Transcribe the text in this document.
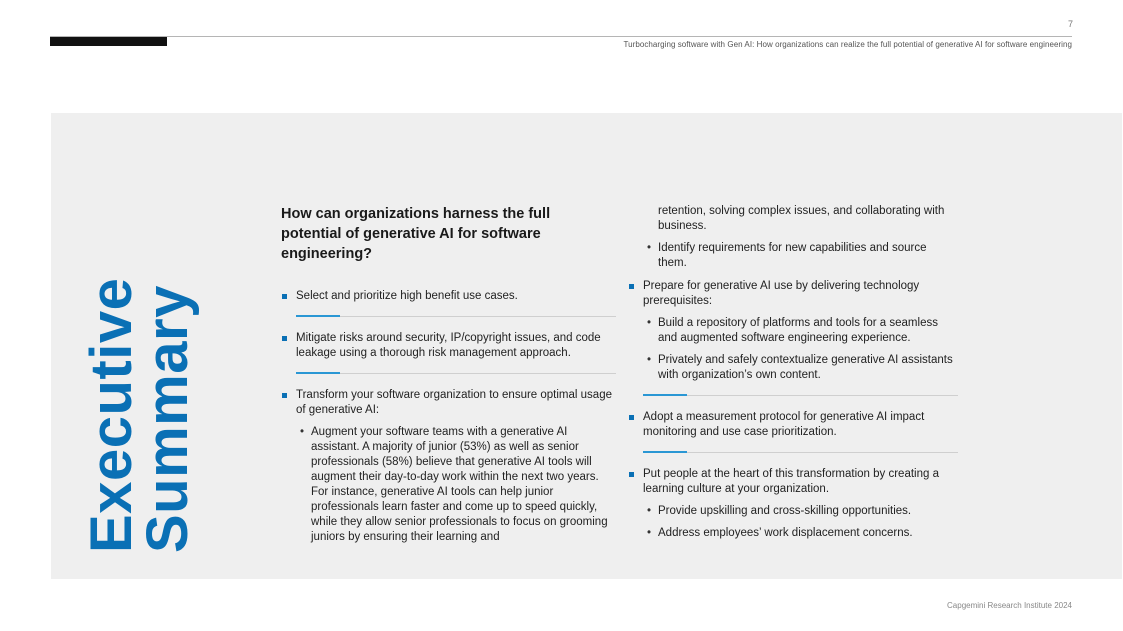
7
Turbocharging software with Gen AI: How organizations can realize the full potential of generative AI for software engineering
Executive
Summary
How can organizations harness the full potential of generative AI for software engineering?
Select and prioritize high benefit use cases.
Mitigate risks around security, IP/copyright issues, and code leakage using a thorough risk management approach.
Transform your software organization to ensure optimal usage of generative AI:
• Augment your software teams with a generative AI assistant. A majority of junior (53%) as well as senior professionals (58%) believe that generative AI tools will augment their day-to-day work within the next two years. For instance, generative AI tools can help junior professionals learn faster and come up to speed quickly, while they allow senior professionals to focus on grooming juniors by ensuring their learning and
retention, solving complex issues, and collaborating with business.
• Identify requirements for new capabilities and source them.
Prepare for generative AI use by delivering technology prerequisites:
• Build a repository of platforms and tools for a seamless and augmented software engineering experience.
• Privately and safely contextualize generative AI assistants with organization’s own content.
Adopt a measurement protocol for generative AI impact monitoring and use case prioritization.
Put people at the heart of this transformation by creating a learning culture at your organization.
• Provide upskilling and cross-skilling opportunities.
• Address employees’ work displacement concerns.
Capgemini Research Institute 2024
